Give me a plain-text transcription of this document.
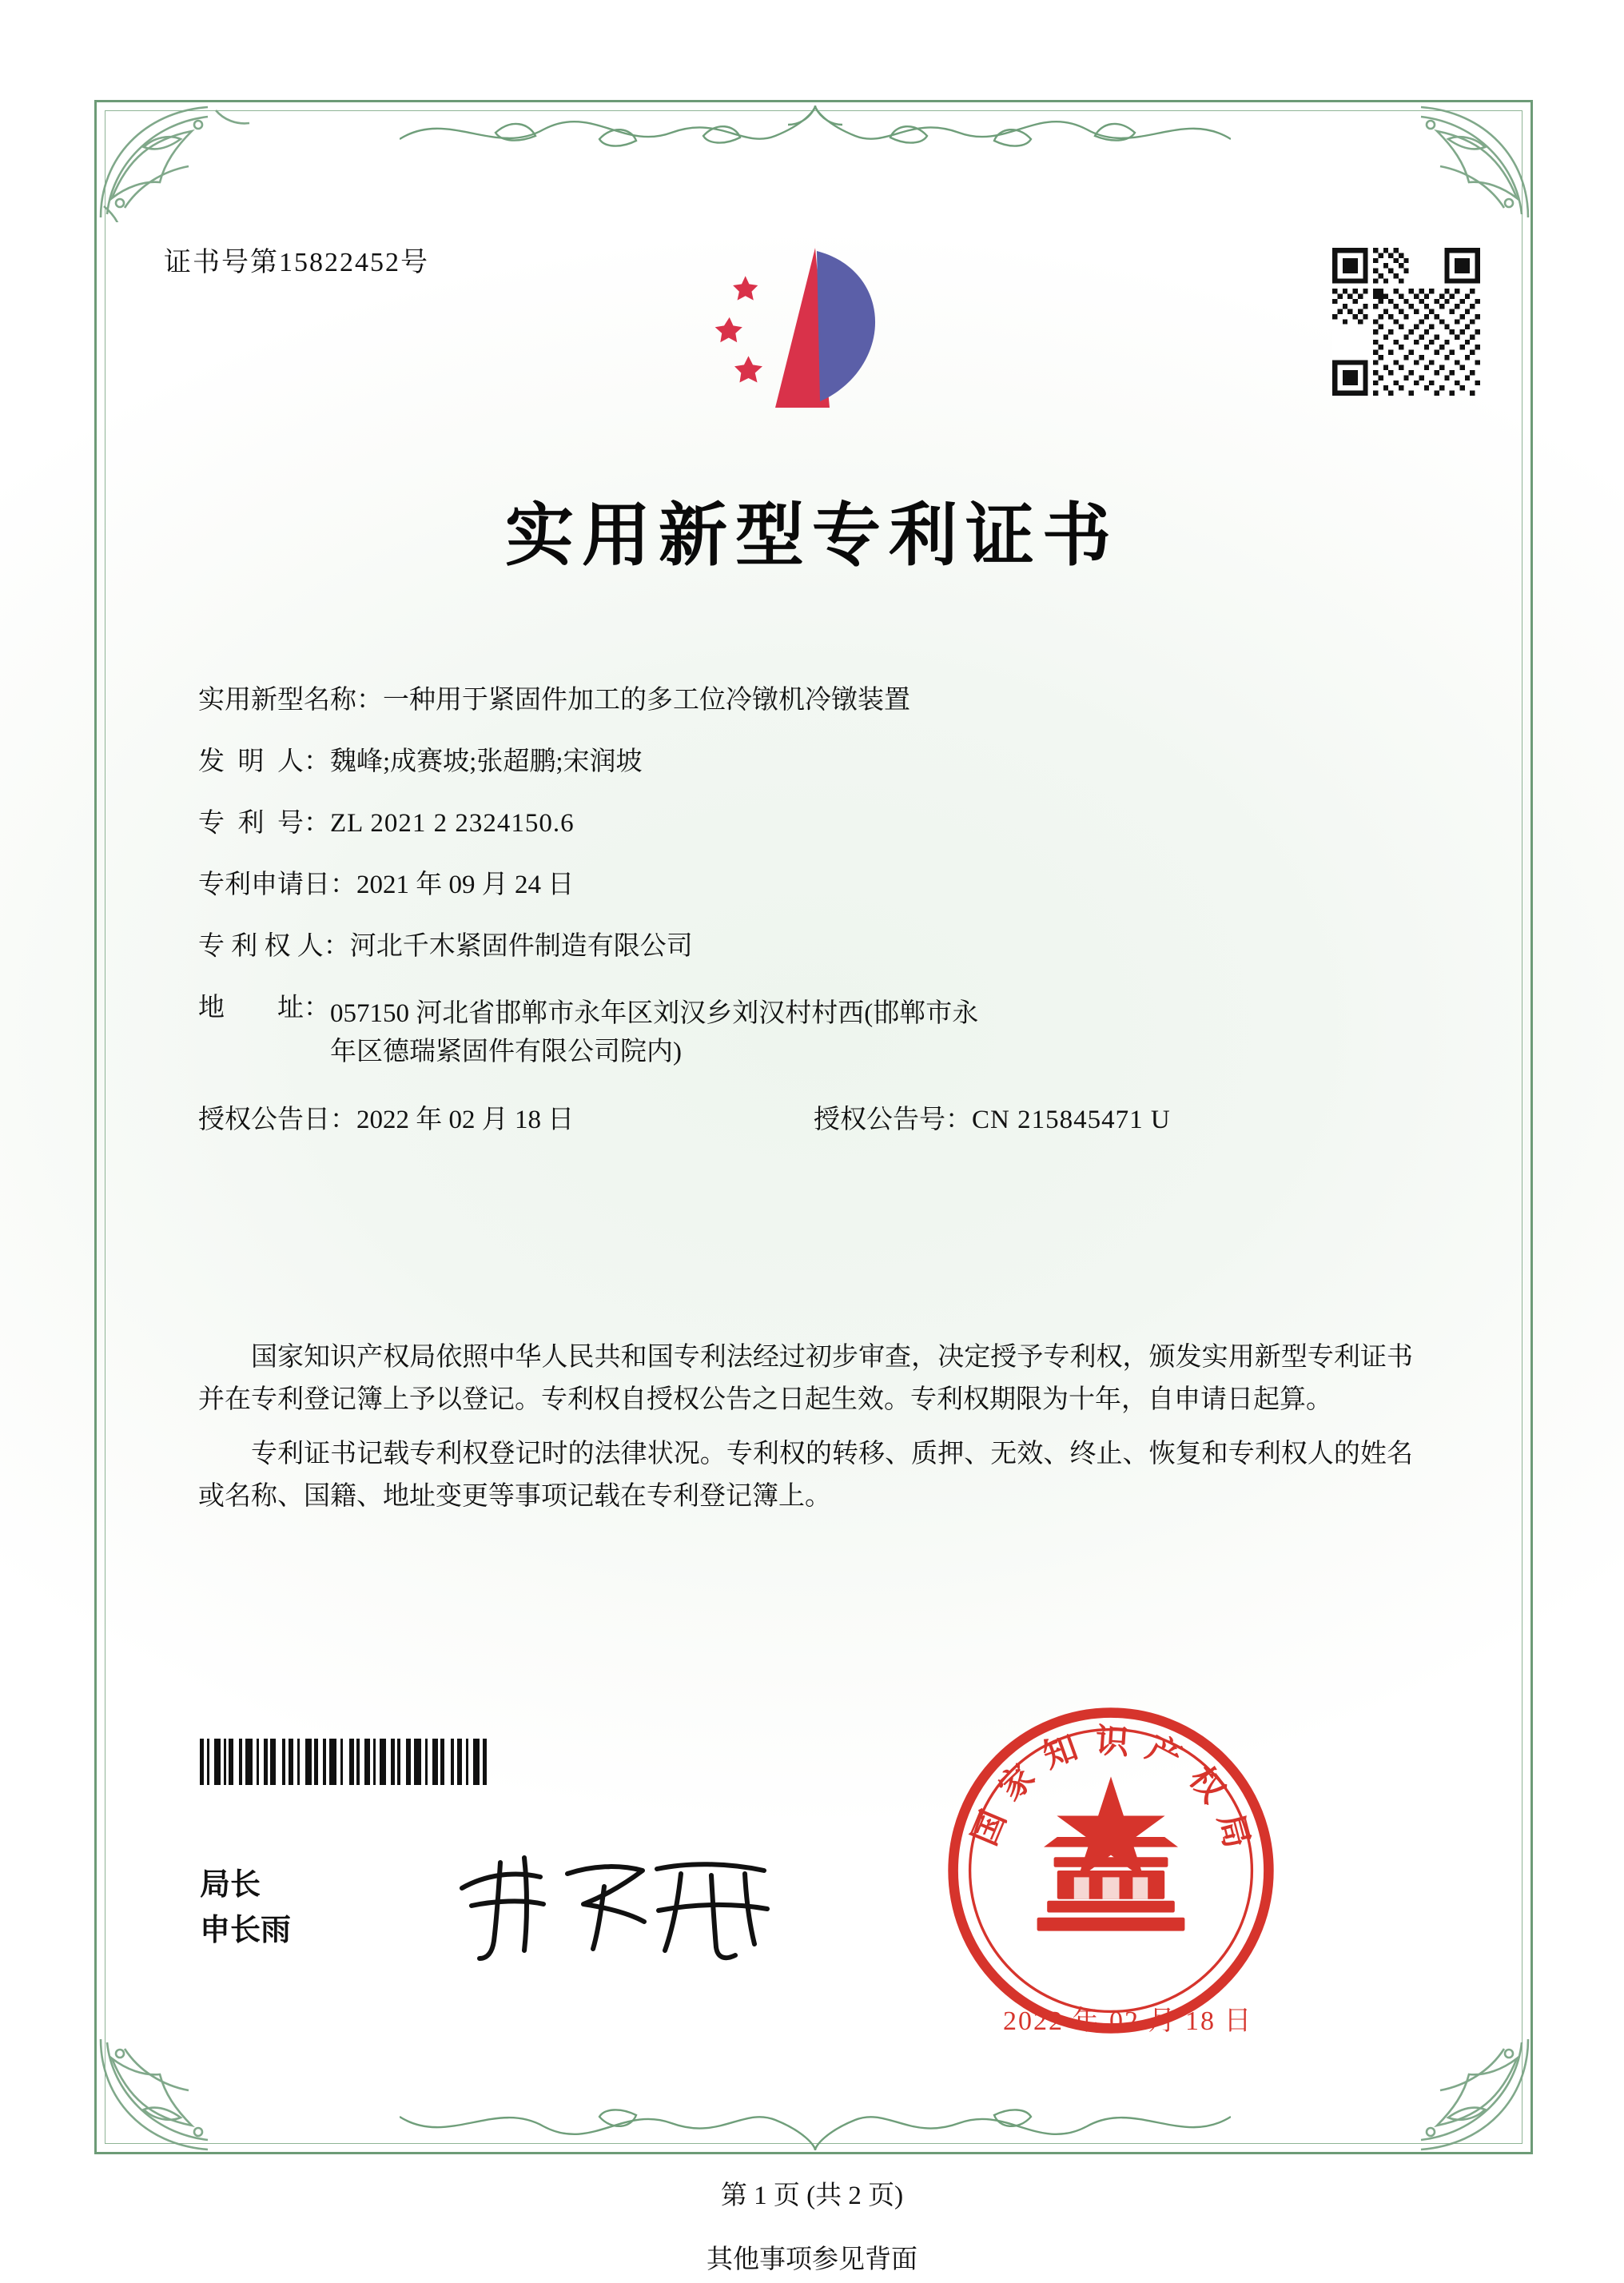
证书号第15822452号
实用新型专利证书
实用新型名称： 一种用于紧固件加工的多工位冷镦机冷镦装置
发  明  人： 魏峰;成赛坡;张超鹏;宋润坡
专  利  号： ZL 2021 2 2324150.6
专利申请日： 2021 年 09 月 24 日
专 利 权 人： 河北千木紧固件制造有限公司
地        址： 057150 河北省邯郸市永年区刘汉乡刘汉村村西(邯郸市永
年区德瑞紧固件有限公司院内)
授权公告日： 2022 年 02 月 18 日	授权公告号： CN 215845471 U

国家知识产权局依照中华人民共和国专利法经过初步审查，决定授予专利权，颁发实用新型专利证书并在专利登记簿上予以登记。专利权自授权公告之日起生效。专利权期限为十年，自申请日起算。

专利证书记载专利权登记时的法律状况。专利权的转移、质押、无效、终止、恢复和专利权人的姓名或名称、国籍、地址变更等事项记载在专利登记簿上。

局长
申长雨
国家知识产权局
2022 年 02 月 18 日
第 1 页 (共 2 页)
其他事项参见背面
